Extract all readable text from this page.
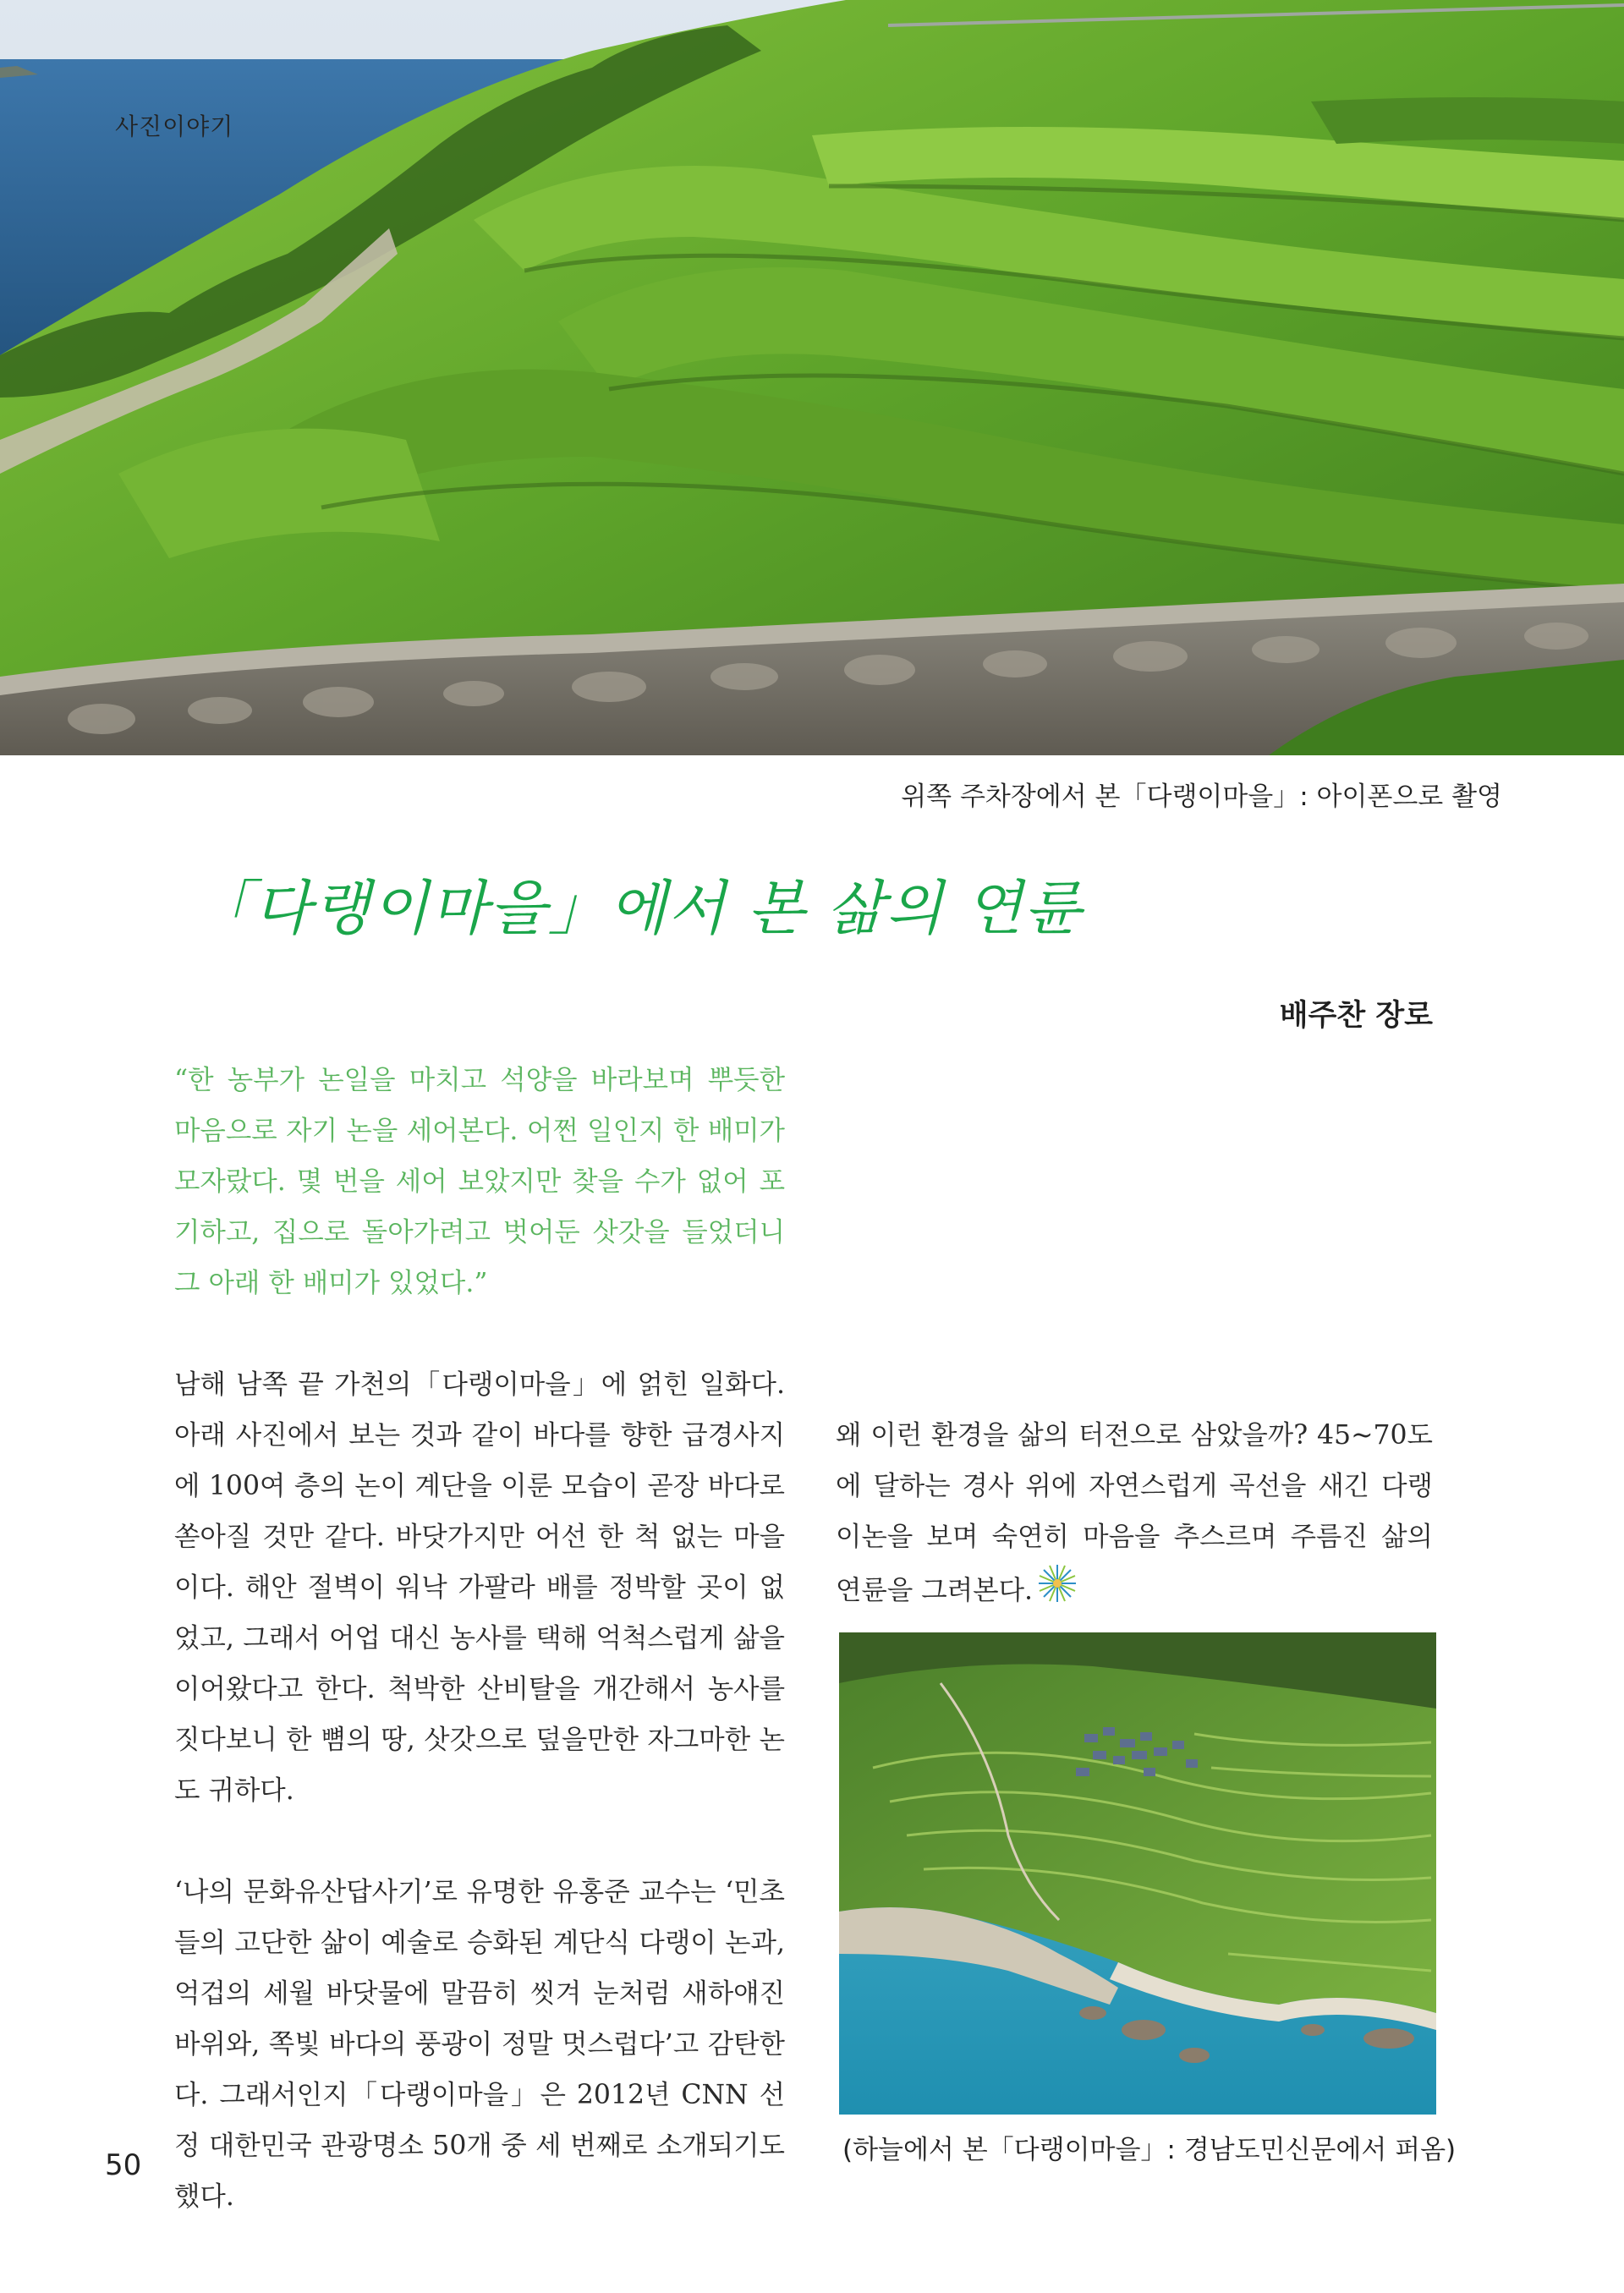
사진이야기
위쪽 주차장에서 본「다랭이마을」: 아이폰으로 촬영
「다랭이마을」에서 본 삶의 연륜
배주찬 장로

“한 농부가 논일을 마치고 석양을 바라보며 뿌듯한 마음으로 자기 논을 세어본다. 어쩐 일인지 한 배미가 모자랐다. 몇 번을 세어 보았지만 찾을 수가 없어 포기하고, 집으로 돌아가려고 벗어둔 삿갓을 들었더니 그 아래 한 배미가 있었다.”

남해 남쪽 끝 가천의「다랭이마을」에 얽힌 일화다. 아래 사진에서 보는 것과 같이 바다를 향한 급경사지에 100여 층의 논이 계단을 이룬 모습이 곧장 바다로 쏟아질 것만 같다. 바닷가지만 어선 한 척 없는 마을이다. 해안 절벽이 워낙 가팔라 배를 정박할 곳이 없었고, 그래서 어업 대신 농사를 택해 억척스럽게 삶을 이어왔다고 한다. 척박한 산비탈을 개간해서 농사를 짓다보니 한 뼘의 땅, 삿갓으로 덮을만한 자그마한 논도 귀하다.

‘나의 문화유산답사기’로 유명한 유홍준 교수는 ‘민초들의 고단한 삶이 예술로 승화된 계단식 다랭이 논과, 억겁의 세월 바닷물에 말끔히 씻겨 눈처럼 새하얘진 바위와, 쪽빛 바다의 풍광이 정말 멋스럽다’고 감탄한다. 그래서인지「다랭이마을」은 2012년 CNN 선정 대한민국 관광명소 50개 중 세 번째로 소개되기도 했다.

왜 이런 환경을 삶의 터전으로 삼았을까? 45~70도에 달하는 경사 위에 자연스럽게 곡선을 새긴 다랭이논을 보며 숙연히 마음을 추스르며 주름진 삶의 연륜을 그려본다.

(하늘에서 본「다랭이마을」: 경남도민신문에서 퍼옴)
50
